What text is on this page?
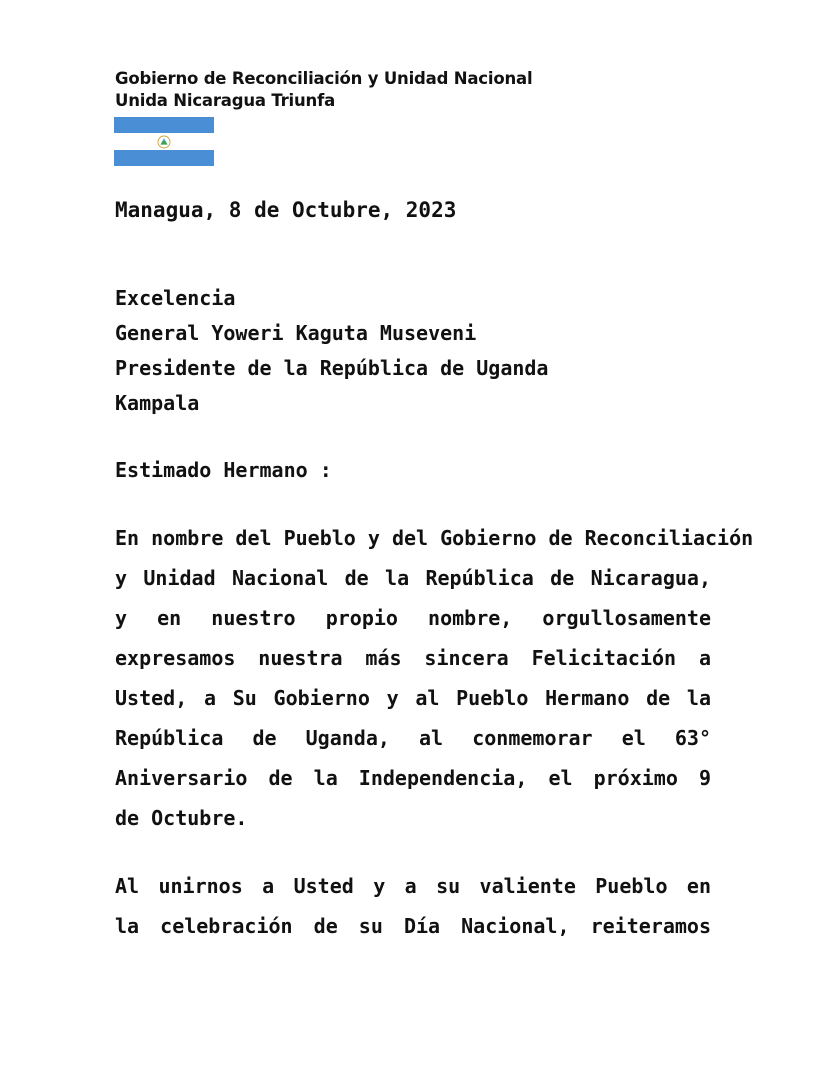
Gobierno de Reconciliación y Unidad Nacional
Unida Nicaragua Triunfa
Managua, 8 de Octubre, 2023
Excelencia
General Yoweri Kaguta Museveni
Presidente de la República de Uganda
Kampala
Estimado Hermano :
En nombre del Pueblo y del Gobierno de Reconciliación
y Unidad Nacional de la República de Nicaragua,
y en nuestro propio nombre, orgullosamente
expresamos nuestra más sincera Felicitación a
Usted, a Su Gobierno y al Pueblo Hermano de la
República de Uganda, al conmemorar el 63°
Aniversario de la Independencia, el próximo 9
de Octubre.
Al unirnos a Usted y a su valiente Pueblo en
la celebración de su Día Nacional, reiteramos
